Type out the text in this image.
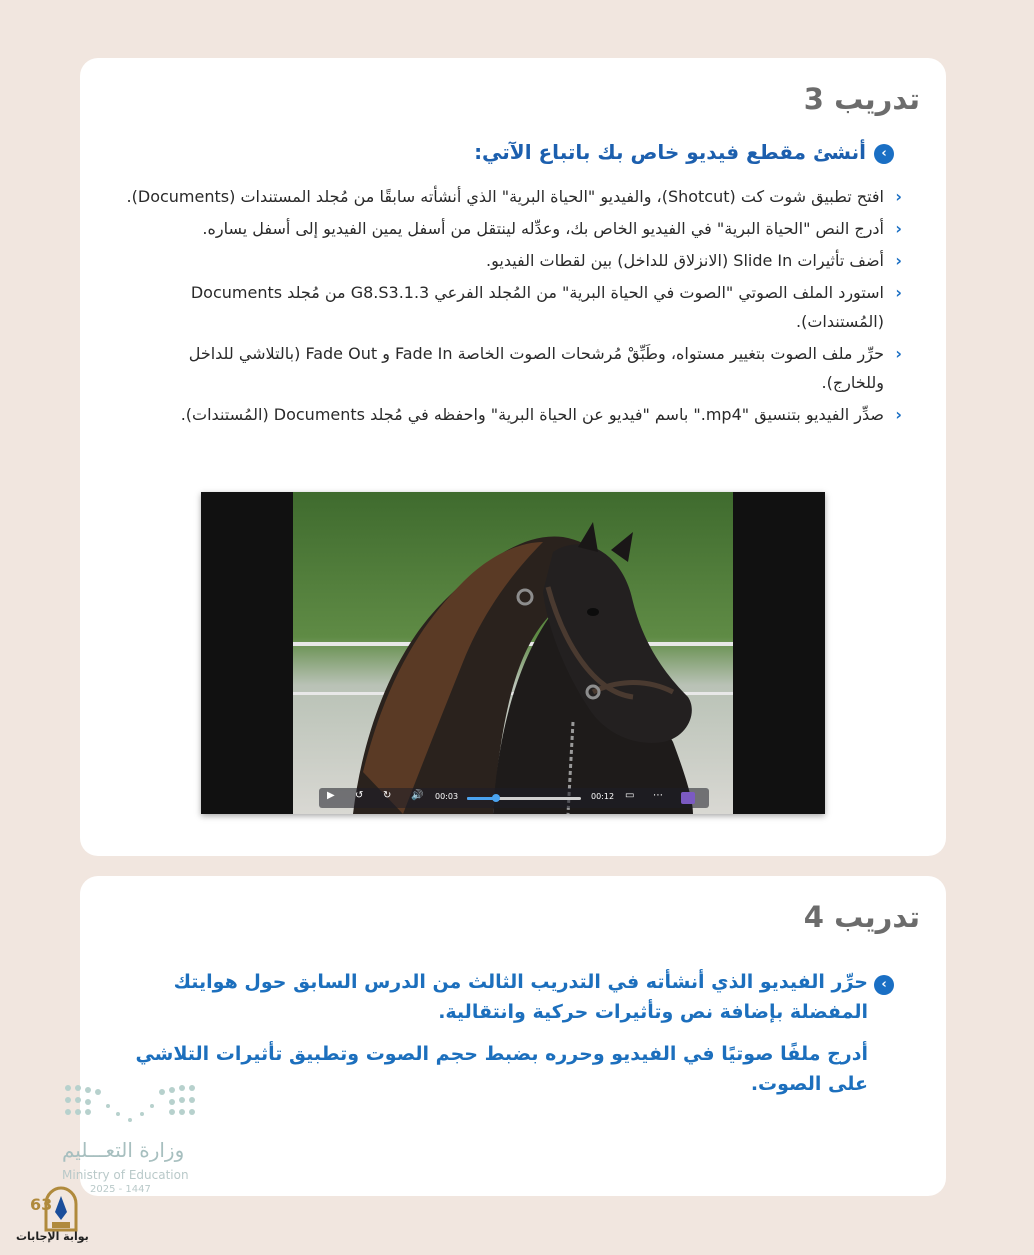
تدريب 3
‹
أنشئ مقطع فيديو خاص بك باتباع الآتي:
‹
افتح تطبيق شوت كت (Shotcut)، والفيديو "الحياة البرية" الذي أنشأته سابقًا من مُجلد المستندات (Documents).
‹
أدرج النص "الحياة البرية" في الفيديو الخاص بك، وعدِّله لينتقل من أسفل يمين الفيديو إلى أسفل يساره.
‹
أضف تأثيرات Slide In (الانزلاق للداخل) بين لقطات الفيديو.
‹
استورد الملف الصوتي "الصوت في الحياة البرية" من المُجلد الفرعي G8.S3.1.3 من مُجلد Documents (المُستندات).
‹
حرِّر ملف الصوت بتغيير مستواه، وطَبِّقْ مُرشحات الصوت الخاصة Fade In و Fade Out (بالتلاشي للداخل وللخارج).
‹
صدِّر الفيديو بتنسيق "mp4." باسم "فيديو عن الحياة البرية" واحفظه في مُجلد Documents (المُستندات).
▶ ↺ ↻ 🔊 00:03	00:12 ▭ ⋯
تدريب 4
‹
حرِّر الفيديو الذي أنشأته في التدريب الثالث من الدرس السابق حول هوايتك المفضلة بإضافة نص وتأثيرات حركية وانتقالية.
أدرج ملفًا صوتيًا في الفيديو وحرره بضبط حجم الصوت وتطبيق تأثيرات التلاشي على الصوت.
وزارة التعـــليم
Ministry of Education
2025 - 1447
63
بوابة الإجابات
